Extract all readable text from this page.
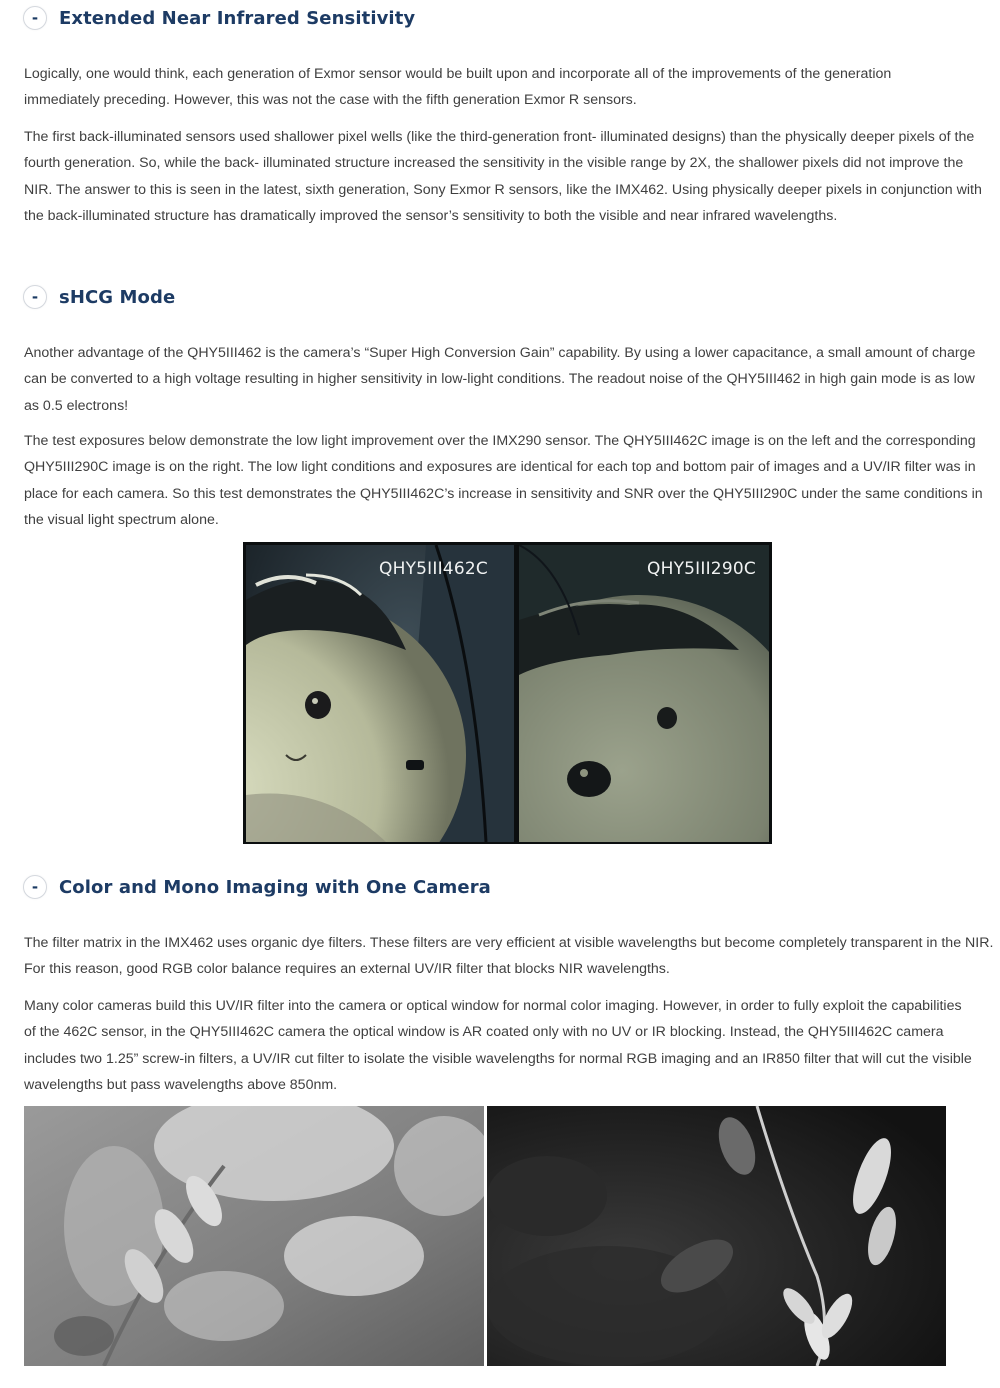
-	Extended Near Infrared Sensitivity

Logically, one would think, each generation of Exmor sensor would be built upon and incorporate all of the improvements of the generation immediately preceding. However, this was not the case with the fifth generation Exmor R sensors.

The first back-illuminated sensors used shallower pixel wells (like the third-generation front- illuminated designs) than the physically deeper pixels of the fourth generation. So, while the back- illuminated structure increased the sensitivity in the visible range by 2X, the shallower pixels did not improve the NIR. The answer to this is seen in the latest, sixth generation, Sony Exmor R sensors, like the IMX462. Using physically deeper pixels in conjunction with the back-illuminated structure has dramatically improved the sensor’s sensitivity to both the visible and near infrared wavelengths.

-	sHCG Mode

Another advantage of the QHY5III462 is the camera’s “Super High Conversion Gain” capability. By using a lower capacitance, a small amount of charge can be converted to a high voltage resulting in higher sensitivity in low-light conditions. The readout noise of the QHY5III462 in high gain mode is as low as 0.5 electrons!

The test exposures below demonstrate the low light improvement over the IMX290 sensor. The QHY5III462C image is on the left and the corresponding QHY5III290C image is on the right. The low light conditions and exposures are identical for each top and bottom pair of images and a UV/IR filter was in place for each camera. So this test demonstrates the QHY5III462C’s increase in sensitivity and SNR over the QHY5III290C under the same conditions in the visual light spectrum alone.

QHY5III462C	QHY5III290C
-	Color and Mono Imaging with One Camera

The filter matrix in the IMX462 uses organic dye filters. These filters are very efficient at visible wavelengths but become completely transparent in the NIR. For this reason, good RGB color balance requires an external UV/IR filter that blocks NIR wavelengths.

Many color cameras build this UV/IR filter into the camera or optical window for normal color imaging. However, in order to fully exploit the capabilities of the 462C sensor, in the QHY5III462C camera the optical window is AR coated only with no UV or IR blocking. Instead, the QHY5III462C camera includes two 1.25” screw-in filters, a UV/IR cut filter to isolate the visible wavelengths for normal RGB imaging and an IR850 filter that will cut the visible wavelengths but pass wavelengths above 850nm.
